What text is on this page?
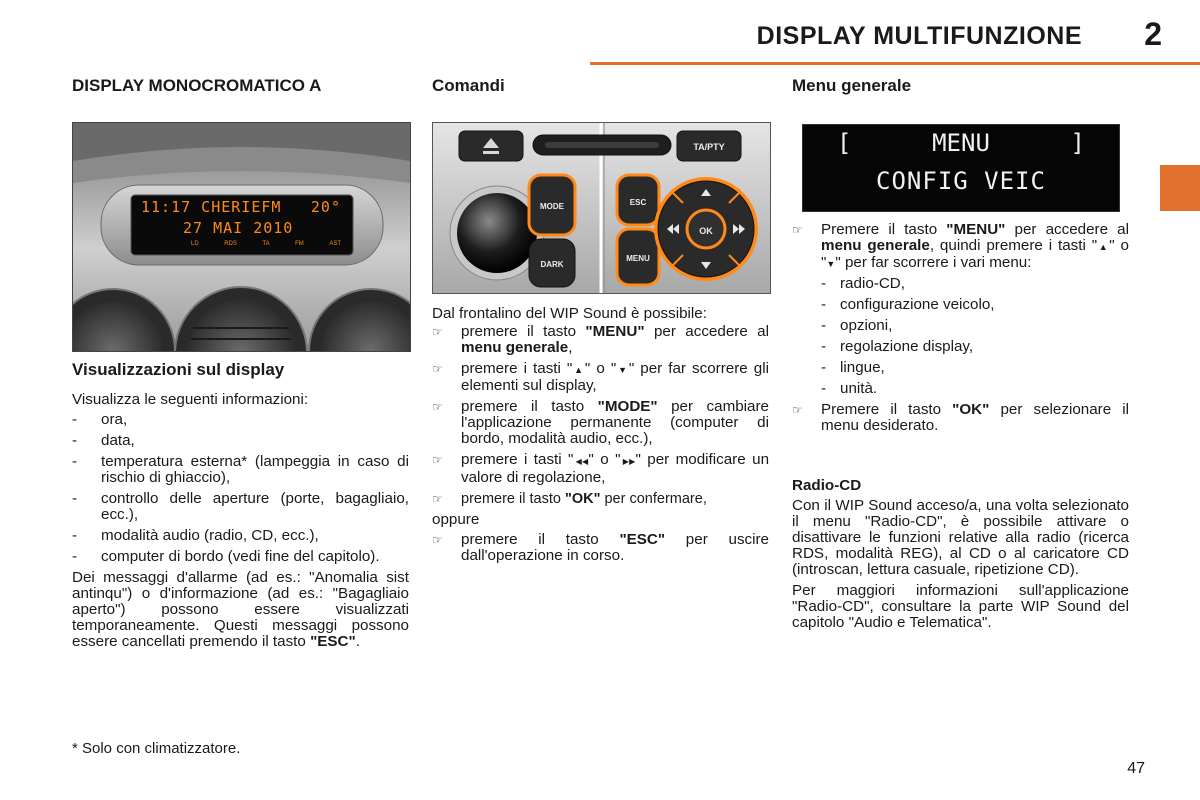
DISPLAY MULTIFUNZIONE 2
DISPLAY MONOCROMATICO A
11:17 CHERIEFM 20°
27 MAI 2010
LD	RDS	TA	FM	AST
Visualizzazioni sul display

Visualizza le seguenti informazioni:

- ora,
- data,
- temperatura esterna* (lampeggia in caso di rischio di ghiaccio),
- controllo delle aperture (porte, bagagliaio, ecc.),
- modalità audio (radio, CD, ecc.),
- computer di bordo (vedi fine del capitolo).

Dei messaggi d'allarme (ad es.: "Anomalia sist antinqu") o d'informazione (ad es.: "Bagagliaio aperto") possono essere visualizzati temporaneamente. Questi messaggi possono essere cancellati premendo il tasto "ESC".

Comandi
TA/PTY
MODE
DARK
ESC
MENU
OK

Dal frontalino del WIP Sound è possibile:

☞ premere il tasto "MENU" per accedere al menu generale,
☞ premere i tasti "▲" o "▼" per far scorrere gli elementi sul display,
☞ premere il tasto "MODE" per cambiare l'applicazione permanente (computer di bordo, modalità audio, ecc.),
☞ premere i tasti "◀◀" o "▶▶" per modificare un valore di regolazione,
☞ premere il tasto "OK" per confermare,

oppure

☞ premere il tasto "ESC" per uscire dall'operazione in corso.
Menu generale
[	MENU	]
CONFIG VEIC
☞ Premere il tasto "MENU" per accedere al menu generale, quindi premere i tasti "▲" o "▼" per far scorrere i vari menu:
- radio-CD,
- configurazione veicolo,
- opzioni,
- regolazione display,
- lingue,
- unità.
☞ Premere il tasto "OK" per selezionare il menu desiderato.
Radio-CD

Con il WIP Sound acceso/a, una volta selezionato il menu "Radio-CD", è possibile attivare o disattivare le funzioni relative alla radio (ricerca RDS, modalità REG), al CD o al caricatore CD (introscan, lettura casuale, ripetizione CD).

Per maggiori informazioni sull'applicazione "Radio-CD", consultare la parte WIP Sound del capitolo "Audio e Telematica".

* Solo con climatizzatore.
47
